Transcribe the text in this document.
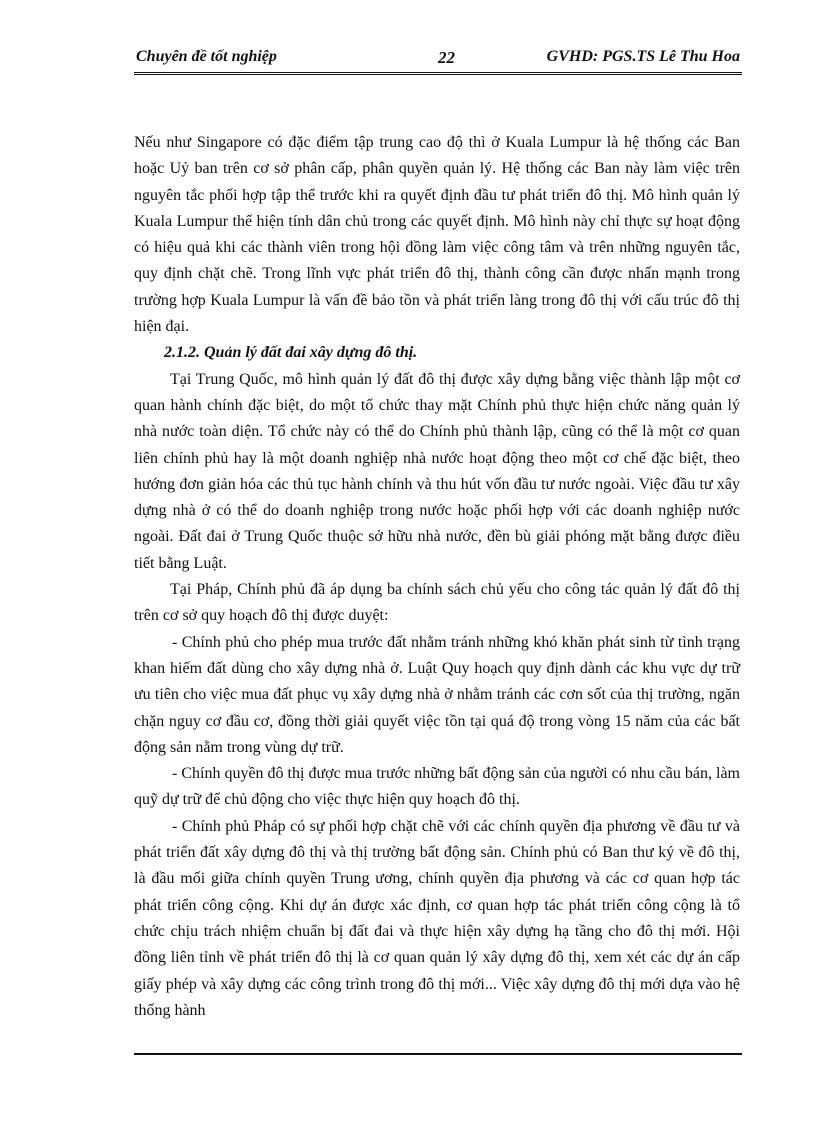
Chuyên đề tốt nghiệp	22	GVHD: PGS.TS Lê Thu Hoa

Nếu như Singapore có đặc điểm tập trung cao độ thì ở Kuala Lumpur là hệ thống các Ban hoặc Uỷ ban trên cơ sở phân cấp, phân quyền quản lý. Hệ thống các Ban này làm việc trên nguyên tắc phối hợp tập thể trước khi ra quyết định đầu tư phát triển đô thị. Mô hình quản lý Kuala Lumpur thể hiện tính dân chủ trong các quyết định. Mô hình này chỉ thực sự hoạt động có hiệu quả khi các thành viên trong hội đồng làm việc công tâm và trên những nguyên tắc, quy định chặt chẽ. Trong lĩnh vực phát triển đô thị, thành công cần được nhấn mạnh trong trường hợp Kuala Lumpur là vấn đề bảo tồn và phát triển làng trong đô thị với cấu trúc đô thị hiện đại.

2.1.2. Quản lý đất đai xây dựng đô thị.

Tại Trung Quốc, mô hình quản lý đất đô thị được xây dựng bằng việc thành lập một cơ quan hành chính đặc biệt, do một tổ chức thay mặt Chính phủ thực hiện chức năng quản lý nhà nước toàn diện. Tổ chức này có thể do Chính phủ thành lập, cũng có thể là một cơ quan liên chính phủ hay là một doanh nghiệp nhà nước hoạt động theo một cơ chế đặc biệt, theo hướng đơn giản hóa các thủ tục hành chính và thu hút vốn đầu tư nước ngoài. Việc đầu tư xây dựng nhà ở có thể do doanh nghiệp trong nước hoặc phối hợp với các doanh nghiệp nước ngoài. Đất đai ở Trung Quốc thuộc sở hữu nhà nước, đền bù giải phóng mặt bằng được điều tiết bằng Luật.

Tại Pháp, Chính phủ đã áp dụng ba chính sách chủ yếu cho công tác quản lý đất đô thị trên cơ sở quy hoạch đô thị được duyệt:

- Chính phủ cho phép mua trước đất nhằm tránh những khó khăn phát sinh từ tình trạng khan hiếm đất dùng cho xây dựng nhà ở. Luật Quy hoạch quy định dành các khu vực dự trữ ưu tiên cho việc mua đất phục vụ xây dựng nhà ở nhằm tránh các cơn sốt của thị trường, ngăn chặn nguy cơ đầu cơ, đồng thời giải quyết việc tồn tại quá độ trong vòng 15 năm của các bất động sản nằm trong vùng dự trữ.

- Chính quyền đô thị được mua trước những bất động sản của người có nhu cầu bán, làm quỹ dự trữ để chủ động cho việc thực hiện quy hoạch đô thị.

- Chính phủ Pháp có sự phối hợp chặt chẽ với các chính quyền địa phương về đầu tư và phát triển đất xây dựng đô thị và thị trường bất động sản. Chính phủ có Ban thư ký về đô thị, là đầu mối giữa chính quyền Trung ương, chính quyền địa phương và các cơ quan hợp tác phát triển công cộng. Khi dự án được xác định, cơ quan hợp tác phát triển công cộng là tổ chức chịu trách nhiệm chuẩn bị đất đai và thực hiện xây dựng hạ tầng cho đô thị mới. Hội đồng liên tỉnh về phát triển đô thị là cơ quan quản lý xây dựng đô thị, xem xét các dự án cấp giấy phép và xây dựng các công trình trong đô thị mới... Việc xây dựng đô thị mới dựa vào hệ thống hành
